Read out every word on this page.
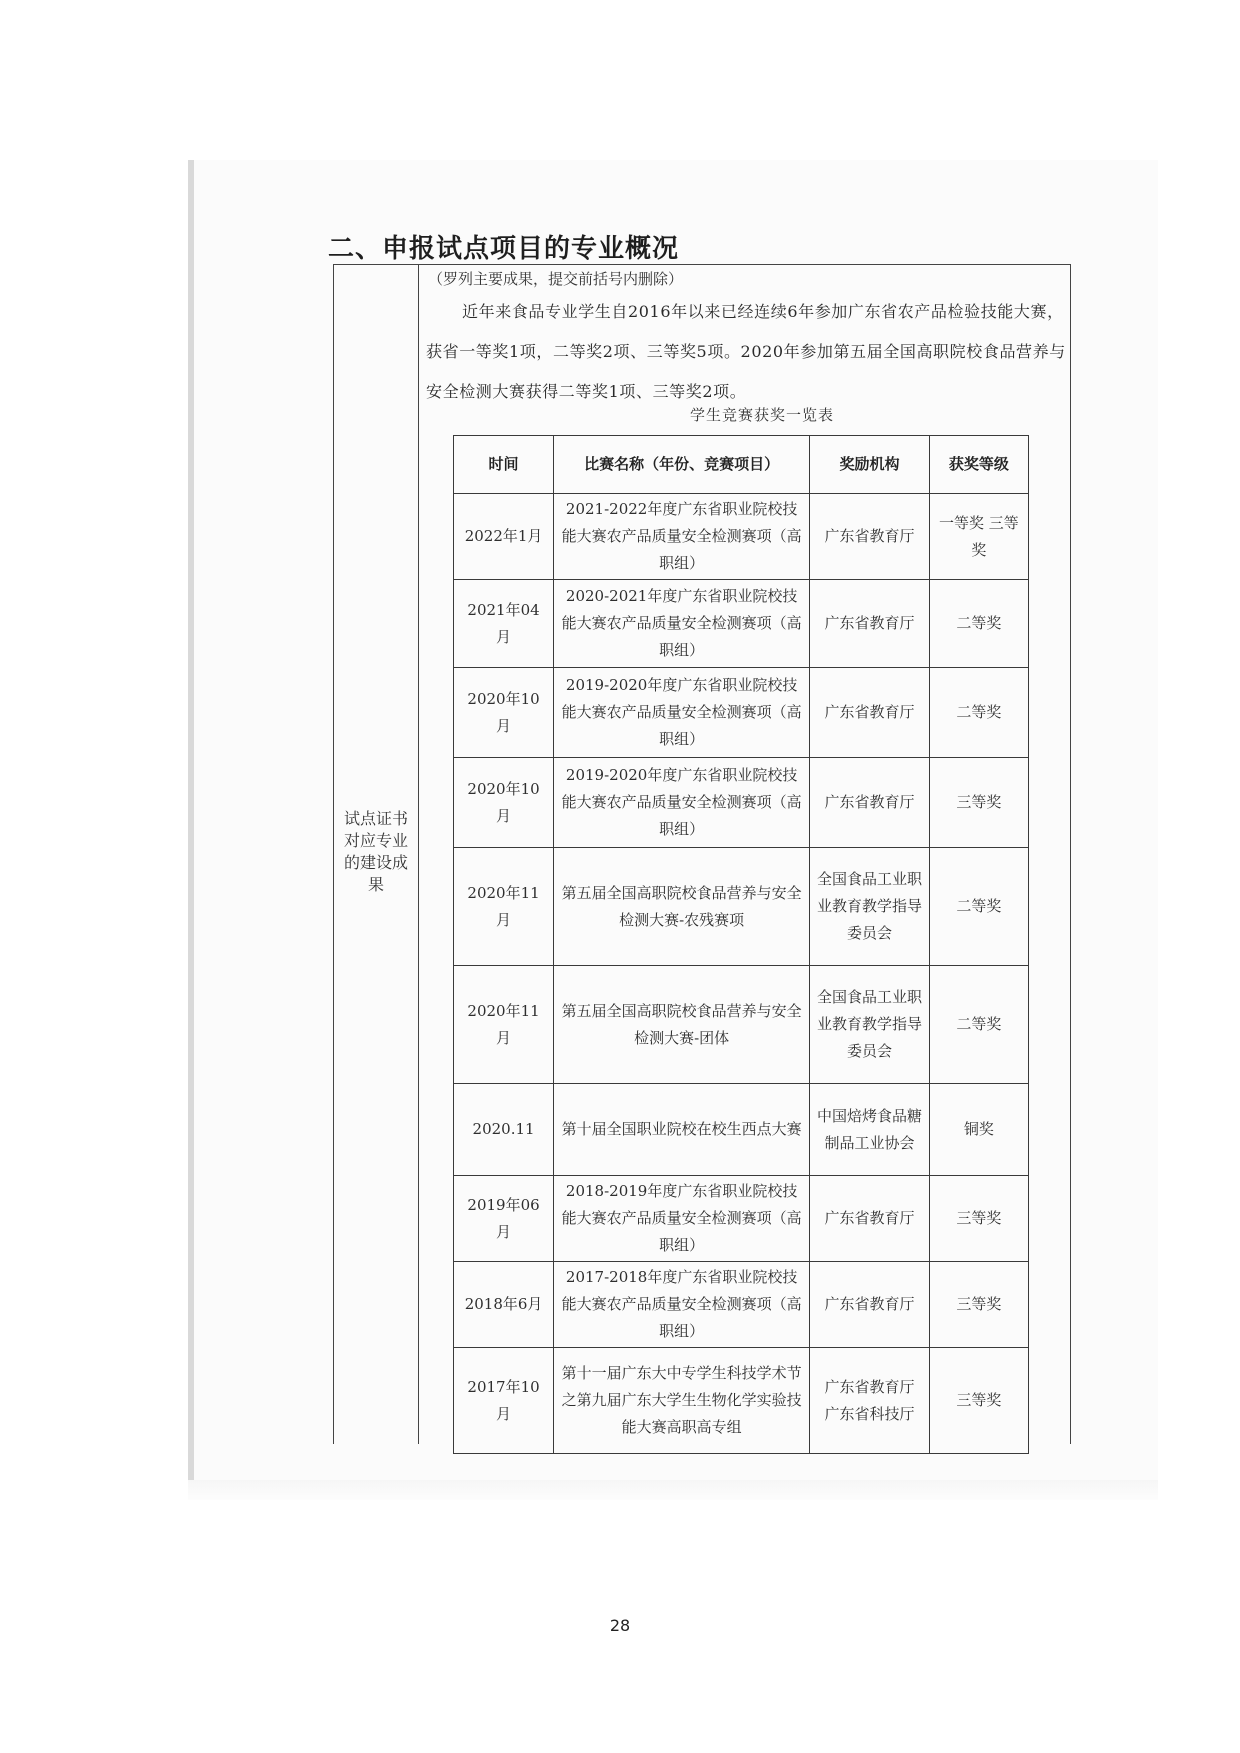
二、申报试点项目的专业概况
试点证书对应专业的建设成果
（罗列主要成果，提交前括号内删除）
近年来食品专业学生自2016年以来已经连续6年参加广东省农产品检验技能大赛，获省一等奖1项，二等奖2项、三等奖5项。2020年参加第五届全国高职院校食品营养与安全检测大赛获得二等奖1项、三等奖2项。
学生竞赛获奖一览表
时间	比赛名称（年份、竞赛项目）	奖励机构	获奖等级
2022年1月	2021-2022年度广东省职业院校技能大赛农产品质量安全检测赛项（高职组）	广东省教育厅	一等奖 三等奖
2021年04月	2020-2021年度广东省职业院校技能大赛农产品质量安全检测赛项（高职组）	广东省教育厅	二等奖
2020年10月	2019-2020年度广东省职业院校技能大赛农产品质量安全检测赛项（高职组）	广东省教育厅	二等奖
2020年10月	2019-2020年度广东省职业院校技能大赛农产品质量安全检测赛项（高职组）	广东省教育厅	三等奖
2020年11月	第五届全国高职院校食品营养与安全检测大赛-农残赛项	全国食品工业职业教育教学指导委员会	二等奖
2020年11月	第五届全国高职院校食品营养与安全检测大赛-团体	全国食品工业职业教育教学指导委员会	二等奖
2020.11	第十届全国职业院校在校生西点大赛	中国焙烤食品糖制品工业协会	铜奖
2019年06月	2018-2019年度广东省职业院校技能大赛农产品质量安全检测赛项（高职组）	广东省教育厅	三等奖
2018年6月	2017-2018年度广东省职业院校技能大赛农产品质量安全检测赛项（高职组）	广东省教育厅	三等奖
2017年10月	第十一届广东大中专学生科技学术节之第九届广东大学生生物化学实验技能大赛高职高专组	广东省教育厅 广东省科技厅	三等奖
28
